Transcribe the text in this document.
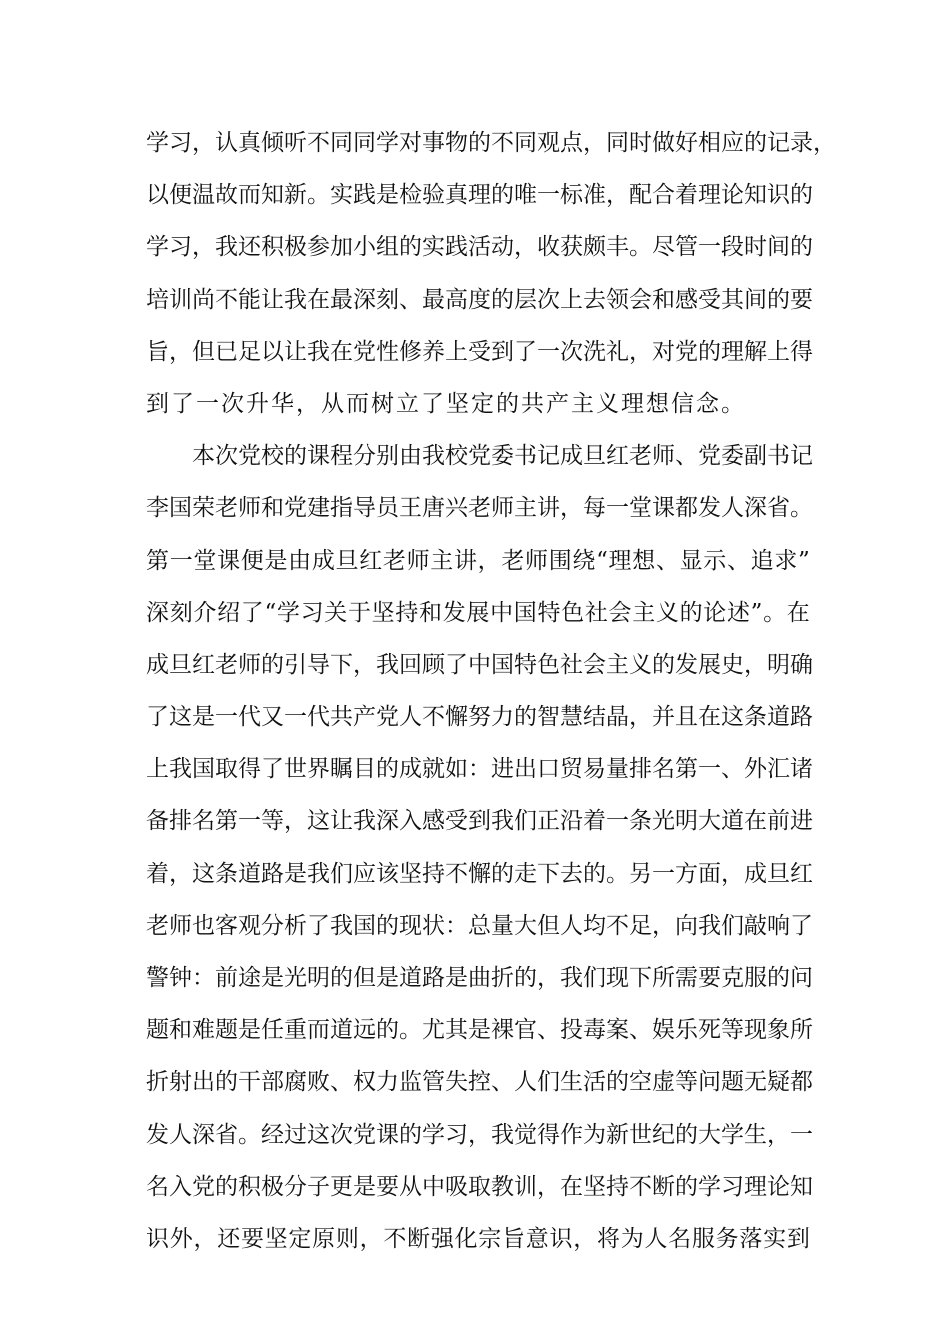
学 习 ， 认 真 倾 听 不 同 同 学 对 事 物 的 不 同 观 点 ， 同 时 做 好 相 应 的 记 录 ，
以 便 温 故 而 知 新 。 实 践 是 检 验 真 理 的 唯 一 标 准 ， 配 合 着 理 论 知 识 的
学 习 ， 我 还 积 极 参 加 小 组 的 实 践 活 动 ， 收 获 颇 丰 。 尽 管 一 段 时 间 的
培 训 尚 不 能 让 我 在 最 深 刻 、 最 高 度 的 层 次 上 去 领 会 和 感 受 其 间 的 要
旨 ， 但 已 足 以 让 我 在 党 性 修 养 上 受 到 了 一 次 洗 礼 ， 对 党 的 理 解 上 得
到了一次升华，从而树立了坚定的共产主义理想信念。
本 次 党 校 的 课 程 分 别 由 我 校 党 委 书 记 成 旦 红 老 师 、 党 委 副 书 记
李 国 荣 老 师 和 党 建 指 导 员 王 唐 兴 老 师 主 讲 ， 每 一 堂 课 都 发 人 深 省 。
第 一 堂 课 便 是 由 成 旦 红 老 师 主 讲 ， 老 师 围 绕 “ 理 想 、 显 示 、 追 求 ”
深 刻 介 绍 了 “ 学 习 关 于 坚 持 和 发 展 中 国 特 色 社 会 主 义 的 论 述 ” 。 在
成 旦 红 老 师 的 引 导 下 ， 我 回 顾 了 中 国 特 色 社 会 主 义 的 发 展 史 ， 明 确
了 这 是 一 代 又 一 代 共 产 党 人 不 懈 努 力 的 智 慧 结 晶 ， 并 且 在 这 条 道 路
上 我 国 取 得 了 世 界 瞩 目 的 成 就 如 ： 进 出 口 贸 易 量 排 名 第 一 、 外 汇 诸
备 排 名 第 一 等 ， 这 让 我 深 入 感 受 到 我 们 正 沿 着 一 条 光 明 大 道 在 前 进
着 ， 这 条 道 路 是 我 们 应 该 坚 持 不 懈 的 走 下 去 的 。 另 一 方 面 ， 成 旦 红
老 师 也 客 观 分 析 了 我 国 的 现 状 ： 总 量 大 但 人 均 不 足 ， 向 我 们 敲 响 了
警 钟 ： 前 途 是 光 明 的 但 是 道 路 是 曲 折 的 ， 我 们 现 下 所 需 要 克 服 的 问
题 和 难 题 是 任 重 而 道 远 的 。 尤 其 是 裸 官 、 投 毒 案 、 娱 乐 死 等 现 象 所
折 射 出 的 干 部 腐 败 、 权 力 监 管 失 控 、 人 们 生 活 的 空 虚 等 问 题 无 疑 都
发 人 深 省 。 经 过 这 次 党 课 的 学 习 ， 我 觉 得 作 为 新 世 纪 的 大 学 生 ， 一
名 入 党 的 积 极 分 子 更 是 要 从 中 吸 取 教 训 ， 在 坚 持 不 断 的 学 习 理 论 知
识 外 ， 还 要 坚 定 原 则 ， 不 断 强 化 宗 旨 意 识 ， 将 为 人 名 服 务 落 实 到
